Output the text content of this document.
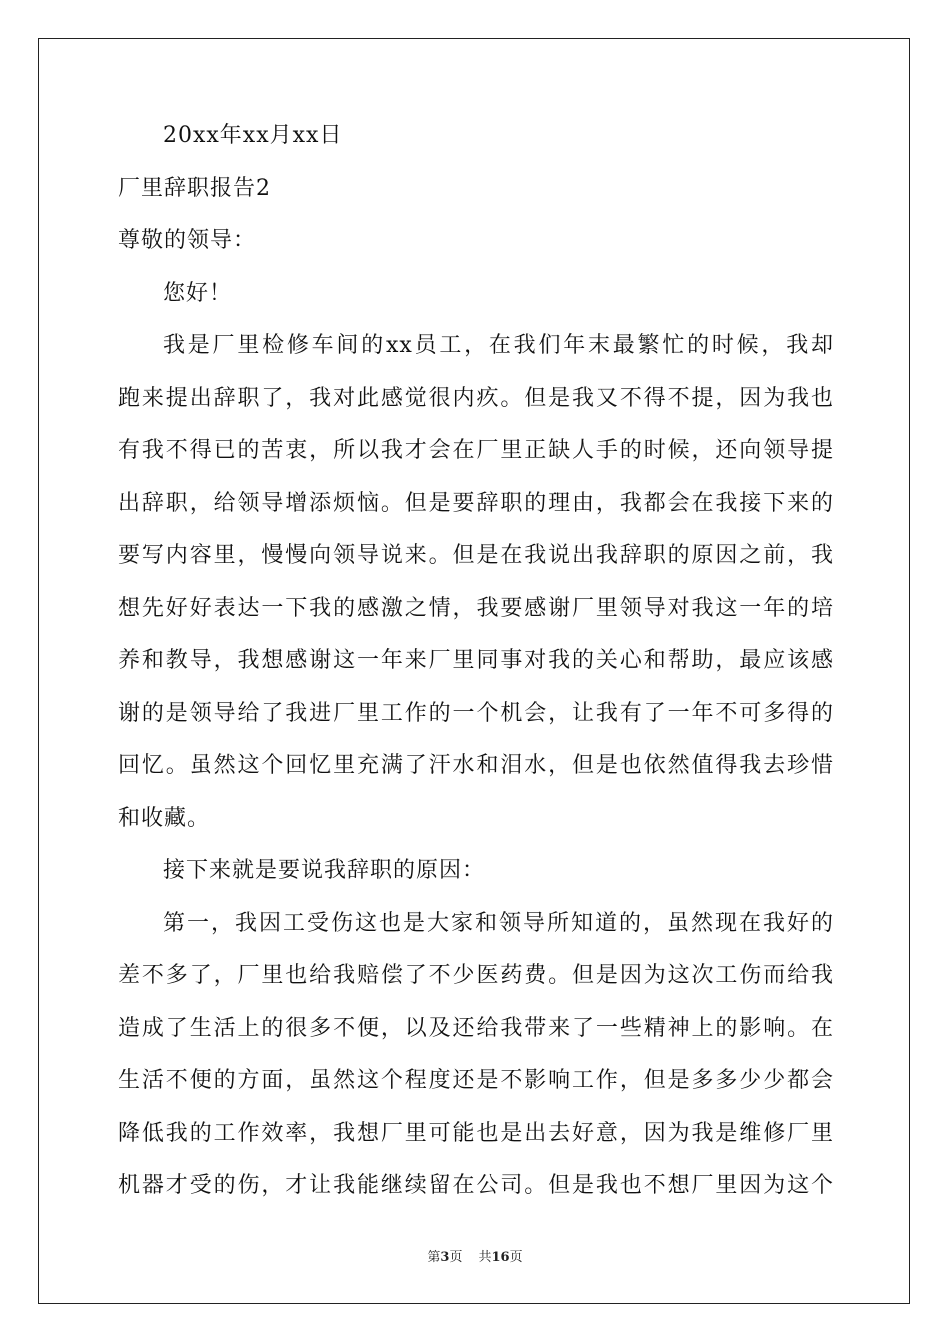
20xx年xx月xx日
厂里辞职报告2
尊敬的领导：
您好！
我是厂里检修车间的xx员工，在我们年末最繁忙的时候，我却
跑来提出辞职了，我对此感觉很内疚。但是我又不得不提，因为我也
有我不得已的苦衷，所以我才会在厂里正缺人手的时候，还向领导提
出辞职，给领导增添烦恼。但是要辞职的理由，我都会在我接下来的
要写内容里，慢慢向领导说来。但是在我说出我辞职的原因之前，我
想先好好表达一下我的感激之情，我要感谢厂里领导对我这一年的培
养和教导，我想感谢这一年来厂里同事对我的关心和帮助，最应该感
谢的是领导给了我进厂里工作的一个机会，让我有了一年不可多得的
回忆。虽然这个回忆里充满了汗水和泪水，但是也依然值得我去珍惜
和收藏。
接下来就是要说我辞职的原因：
第一，我因工受伤这也是大家和领导所知道的，虽然现在我好的
差不多了，厂里也给我赔偿了不少医药费。但是因为这次工伤而给我
造成了生活上的很多不便，以及还给我带来了一些精神上的影响。在
生活不便的方面，虽然这个程度还是不影响工作，但是多多少少都会
降低我的工作效率，我想厂里可能也是出去好意，因为我是维修厂里
机器才受的伤，才让我能继续留在公司。但是我也不想厂里因为这个
第3页 共16页
